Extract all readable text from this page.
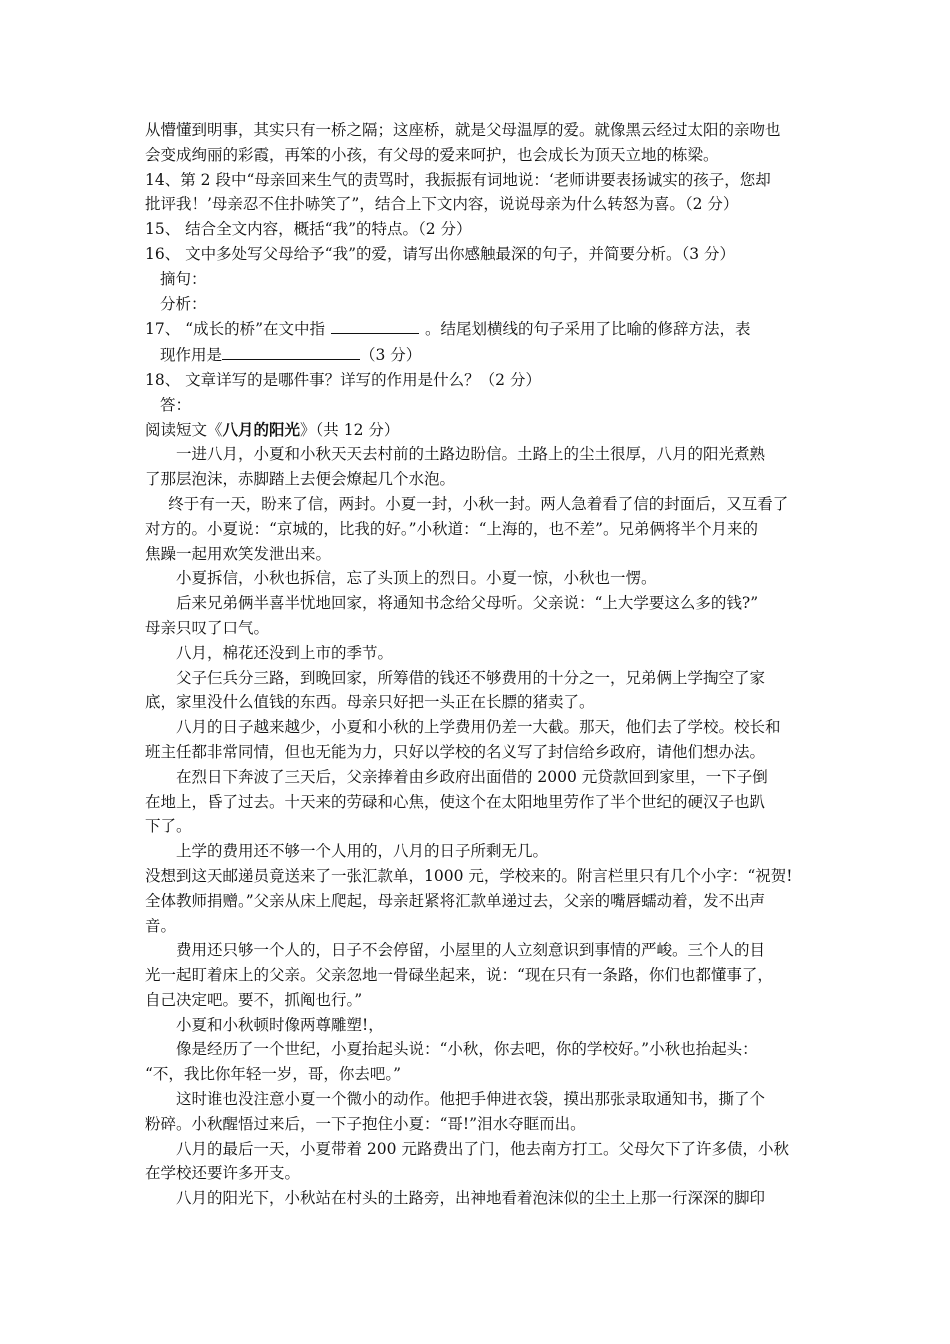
从懵懂到明事，其实只有一桥之隔；这座桥，就是父母温厚的爱。就像黑云经过太阳的亲吻也
会变成绚丽的彩霞，再笨的小孩，有父母的爱来呵护，也会成长为顶天立地的栋梁。
14、第 2 段中“母亲回来生气的责骂时，我振振有词地说：‘老师讲要表扬诚实的孩子，您却
批评我！’母亲忍不住扑哧笑了”，结合上下文内容，说说母亲为什么转怒为喜。（2 分）
15、 结合全文内容，概括“我”的特点。（2 分）
16、 文中多处写父母给予“我”的爱，请写出你感触最深的句子，并简要分析。（3 分）
摘句：
分析：
17、 “成长的桥”在文中指	。结尾划横线的句子采用了比喻的修辞方法，表
现作用是	（3 分）
18、 文章详写的是哪件事？详写的作用是什么？（2 分）
答：
阅读短文《八月的阳光》（共 12 分）
一进八月，小夏和小秋天天去村前的土路边盼信。土路上的尘土很厚，八月的阳光煮熟
了那层泡沫，赤脚踏上去便会燎起几个水泡。
终于有一天，盼来了信，两封。小夏一封，小秋一封。两人急着看了信的封面后，又互看了
对方的。小夏说：“京城的，比我的好。”小秋道：“上海的，也不差”。兄弟俩将半个月来的
焦躁一起用欢笑发泄出来。
小夏拆信，小秋也拆信，忘了头顶上的烈日。小夏一惊，小秋也一愣。
后来兄弟俩半喜半忧地回家，将通知书念给父母听。父亲说：“上大学要这么多的钱?”
母亲只叹了口气。
八月，棉花还没到上市的季节。
父子仨兵分三路，到晚回家，所筹借的钱还不够费用的十分之一，兄弟俩上学掏空了家
底，家里没什么值钱的东西。母亲只好把一头正在长膘的猪卖了。
八月的日子越来越少，小夏和小秋的上学费用仍差一大截。那天，他们去了学校。校长和
班主任都非常同情，但也无能为力，只好以学校的名义写了封信给乡政府，请他们想办法。
在烈日下奔波了三天后，父亲捧着由乡政府出面借的 2000 元贷款回到家里，一下子倒
在地上，昏了过去。十天来的劳碌和心焦，使这个在太阳地里劳作了半个世纪的硬汉子也趴
下了。
上学的费用还不够一个人用的，八月的日子所剩无几。
没想到这天邮递员竟送来了一张汇款单，1000 元，学校来的。附言栏里只有几个小字：“祝贺!
全体教师捐赠。”父亲从床上爬起，母亲赶紧将汇款单递过去，父亲的嘴唇蠕动着，发不出声
音。
费用还只够一个人的，日子不会停留，小屋里的人立刻意识到事情的严峻。三个人的目
光一起盯着床上的父亲。父亲忽地一骨碌坐起来，说：“现在只有一条路，你们也都懂事了，
自己决定吧。要不，抓阄也行。”
小夏和小秋顿时像两尊雕塑!，
像是经历了一个世纪，小夏抬起头说：“小秋，你去吧，你的学校好。”小秋也抬起头：
“不，我比你年轻一岁，哥，你去吧。”
这时谁也没注意小夏一个微小的动作。他把手伸进衣袋，摸出那张录取通知书，撕了个
粉碎。小秋醒悟过来后，一下子抱住小夏：“哥!”泪水夺眶而出。
八月的最后一天，小夏带着 200 元路费出了门，他去南方打工。父母欠下了许多债，小秋
在学校还要许多开支。
八月的阳光下，小秋站在村头的土路旁，出神地看着泡沫似的尘土上那一行深深的脚印
